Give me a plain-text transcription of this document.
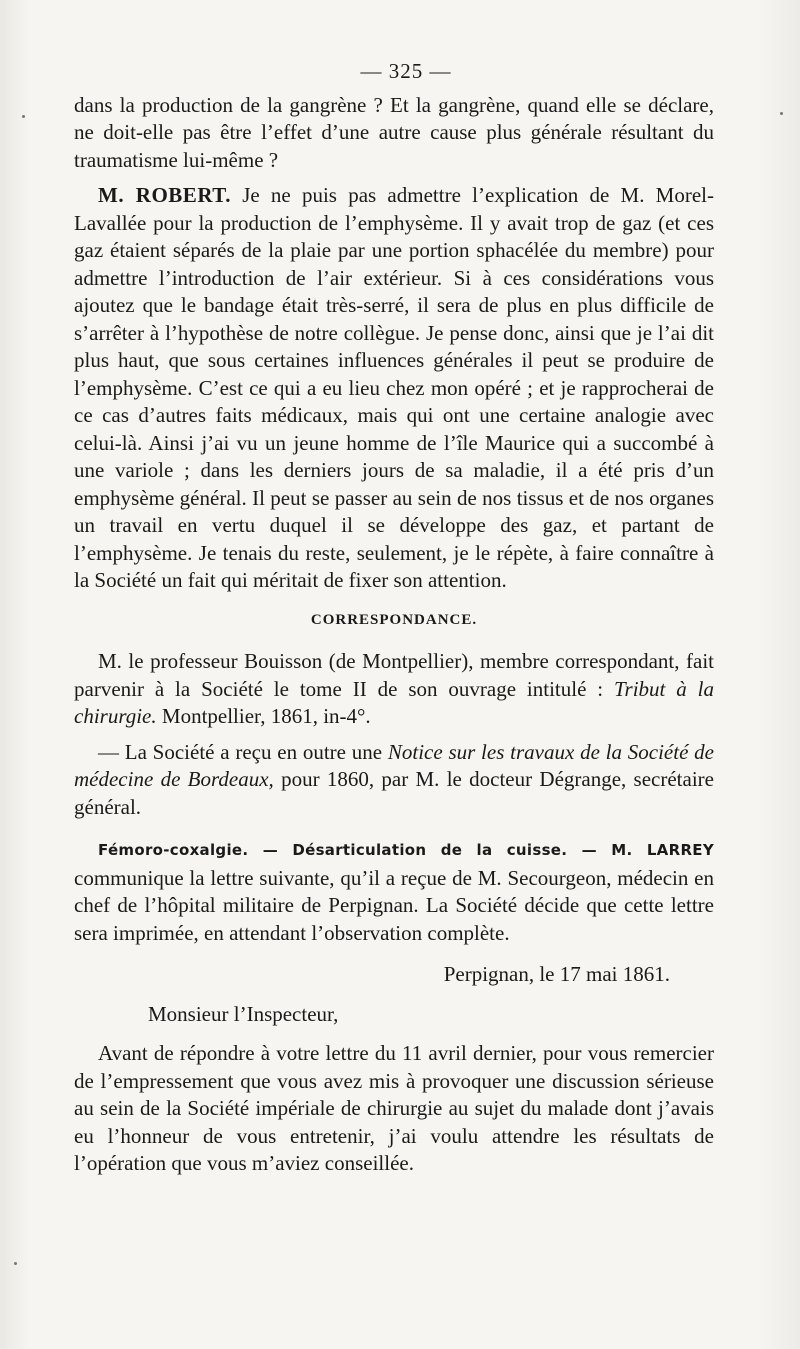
— 325 —

dans la production de la gangrène ? Et la gangrène, quand elle se déclare, ne doit-elle pas être l’effet d’une autre cause plus générale résultant du traumatisme lui-même ?

M. ROBERT. Je ne puis pas admettre l’explication de M. Morel-Lavallée pour la production de l’emphysème. Il y avait trop de gaz (et ces gaz étaient séparés de la plaie par une portion sphacélée du membre) pour admettre l’introduction de l’air extérieur. Si à ces considérations vous ajoutez que le bandage était très-serré, il sera de plus en plus difficile de s’arrêter à l’hypothèse de notre collègue. Je pense donc, ainsi que je l’ai dit plus haut, que sous certaines influences générales il peut se produire de l’emphysème. C’est ce qui a eu lieu chez mon opéré ; et je rapprocherai de ce cas d’autres faits médicaux, mais qui ont une certaine analogie avec celui-là. Ainsi j’ai vu un jeune homme de l’île Maurice qui a succombé à une variole ; dans les derniers jours de sa maladie, il a été pris d’un emphysème général. Il peut se passer au sein de nos tissus et de nos organes un travail en vertu duquel il se développe des gaz, et partant de l’emphysème. Je tenais du reste, seulement, je le répète, à faire connaître à la Société un fait qui méritait de fixer son attention.

CORRESPONDANCE.

M. le professeur Bouisson (de Montpellier), membre correspondant, fait parvenir à la Société le tome II de son ouvrage intitulé : Tribut à la chirurgie. Montpellier, 1861, in-4°.

— La Société a reçu en outre une Notice sur les travaux de la Société de médecine de Bordeaux, pour 1860, par M. le docteur Dégrange, secrétaire général.

Fémoro-coxalgie. — Désarticulation de la cuisse. — M. LARREY communique la lettre suivante, qu’il a reçue de M. Secourgeon, médecin en chef de l’hôpital militaire de Perpignan. La Société décide que cette lettre sera imprimée, en attendant l’observation complète.

Perpignan, le 17 mai 1861.

Monsieur l’Inspecteur,

Avant de répondre à votre lettre du 11 avril dernier, pour vous remercier de l’empressement que vous avez mis à provoquer une discussion sérieuse au sein de la Société impériale de chirurgie au sujet du malade dont j’avais eu l’honneur de vous entretenir, j’ai voulu attendre les résultats de l’opération que vous m’aviez conseillée.
